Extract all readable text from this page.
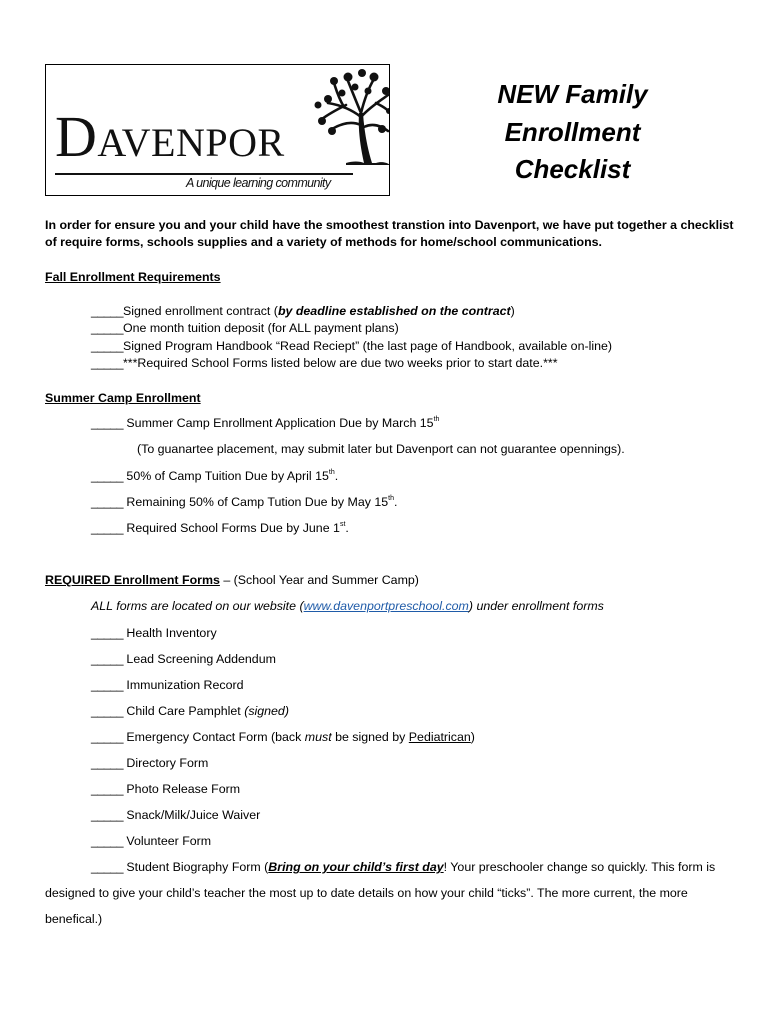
DAVENPOR

A unique learning community

NEW Family
Enrollment
Checklist
In order for ensure you and your child have the smoothest transtion into Davenport, we have put together a checklist
of require forms, schools supplies and a variety of methods for home/school communications.
Fall Enrollment Requirements
_____Signed enrollment contract (by deadline established on the contract)
_____One month tuition deposit (for ALL payment plans)
_____Signed Program Handbook “Read Reciept” (the last page of Handbook, available on-line)
_____***Required School Forms listed below are due two weeks prior to start date.***
Summer Camp Enrollment
_____ Summer Camp Enrollment Application Due by March 15th
(To guanartee placement, may submit later but Davenport can not guarantee opennings).
_____ 50% of Camp Tuition Due by April 15th.
_____ Remaining 50% of Camp Tution Due by May 15th.
_____ Required School Forms Due by June 1st.
REQUIRED Enrollment Forms – (School Year and Summer Camp)
ALL forms are located on our website (www.davenportpreschool.com) under enrollment forms
_____ Health Inventory
_____ Lead Screening Addendum
_____ Immunization Record
_____ Child Care Pamphlet (signed)
_____ Emergency Contact Form (back must be signed by Pediatrican)
_____ Directory Form
_____ Photo Release Form
_____ Snack/Milk/Juice Waiver
_____ Volunteer Form
_____ Student Biography Form (Bring on your child’s first day! Your preschooler change so quickly. This form is
designed to give your child’s teacher the most up to date details on how your child “ticks”. The more current, the more
benefical.)
